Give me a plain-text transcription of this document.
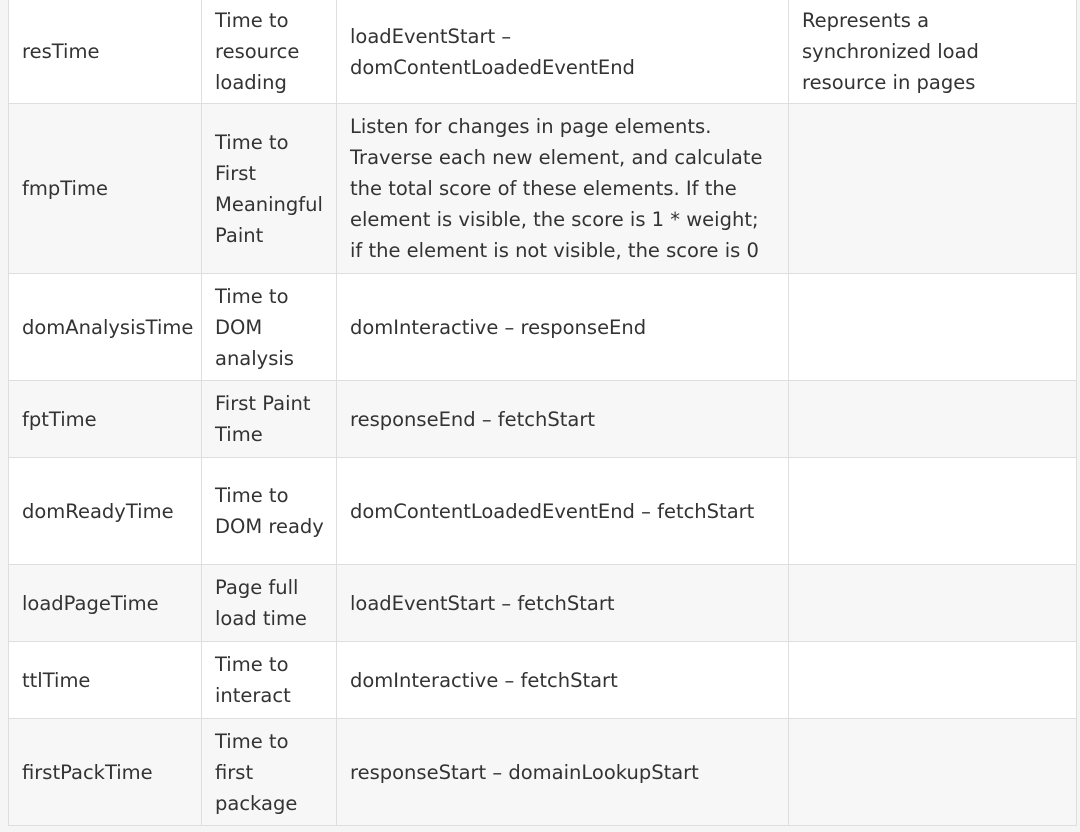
resTime	Time to resource loading	loadEventStart – domContentLoadedEventEnd	Represents a synchronized load resource in pages
fmpTime	Time to First Meaningful Paint	Listen for changes in page elements. Traverse each new element, and calculate the total score of these elements. If the element is visible, the score is 1 * weight; if the element is not visible, the score is 0	
domAnalysisTime	Time to DOM analysis	domInteractive – responseEnd	
fptTime	First Paint Time	responseEnd – fetchStart	
domReadyTime	Time to DOM ready	domContentLoadedEventEnd – fetchStart	
loadPageTime	Page full load time	loadEventStart – fetchStart	
ttlTime	Time to interact	domInteractive – fetchStart	
firstPackTime	Time to first package	responseStart – domainLookupStart	
